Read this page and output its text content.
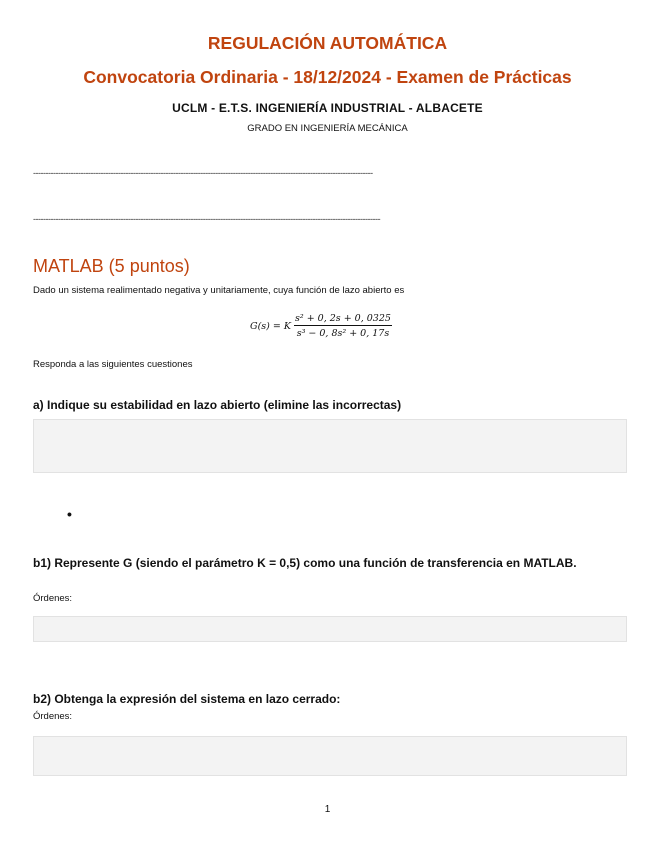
REGULACIÓN AUTOMÁTICA
Convocatoria Ordinaria - 18/12/2024 - Examen de Prácticas
UCLM - E.T.S. INGENIERÍA INDUSTRIAL - ALBACETE
GRADO EN INGENIERÍA MECÁNICA
----------------------------------------------------------------------------------------------------------------------------------------
-------------------------------------------------------------------------------------------------------------------------------------------
MATLAB (5 puntos)
Dado un sistema realimentado negativa y unitariamente, cuya función de lazo abierto es
G(s) = K $\frac{\text{s² + 0, 2s + 0, 0325}}{\text{s³ − 0, 8s² + 0, 17s}}$
Responda a las siguientes cuestiones
a) Indique su estabilidad en lazo abierto (elimine las incorrectas)
•
b1) Represente G (siendo el parámetro K = 0,5) como una función de transferencia en MATLAB.
Órdenes:
b2) Obtenga la expresión del sistema en lazo cerrado:
Órdenes:
1
